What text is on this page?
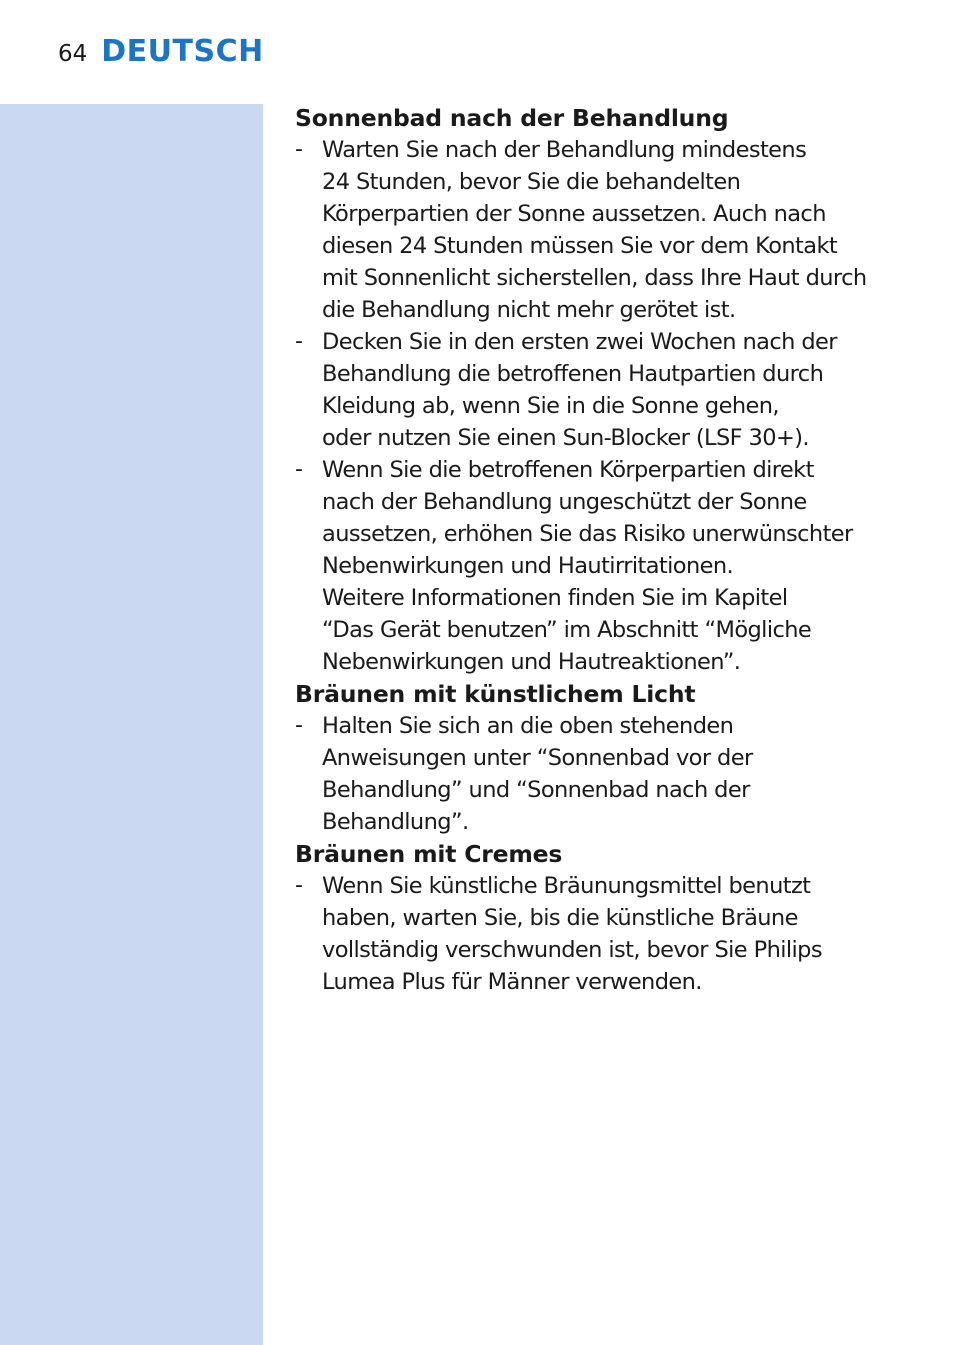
64 DEUTSCH
Sonnenbad nach der Behandlung
- Warten Sie nach der Behandlung mindestens
24 Stunden, bevor Sie die behandelten
Körperpartien der Sonne aussetzen. Auch nach
diesen 24 Stunden müssen Sie vor dem Kontakt
mit Sonnenlicht sicherstellen, dass Ihre Haut durch
die Behandlung nicht mehr gerötet ist.
- Decken Sie in den ersten zwei Wochen nach der
Behandlung die betroffenen Hautpartien durch
Kleidung ab, wenn Sie in die Sonne gehen,
oder nutzen Sie einen Sun-Blocker (LSF 30+).
- Wenn Sie die betroffenen Körperpartien direkt
nach der Behandlung ungeschützt der Sonne
aussetzen, erhöhen Sie das Risiko unerwünschter
Nebenwirkungen und Hautirritationen.
Weitere Informationen finden Sie im Kapitel
“Das Gerät benutzen” im Abschnitt “Mögliche
Nebenwirkungen und Hautreaktionen”.
Bräunen mit künstlichem Licht
- Halten Sie sich an die oben stehenden
Anweisungen unter “Sonnenbad vor der
Behandlung” und “Sonnenbad nach der
Behandlung”.
Bräunen mit Cremes
- Wenn Sie künstliche Bräunungsmittel benutzt
haben, warten Sie, bis die künstliche Bräune
vollständig verschwunden ist, bevor Sie Philips
Lumea Plus für Männer verwenden.
